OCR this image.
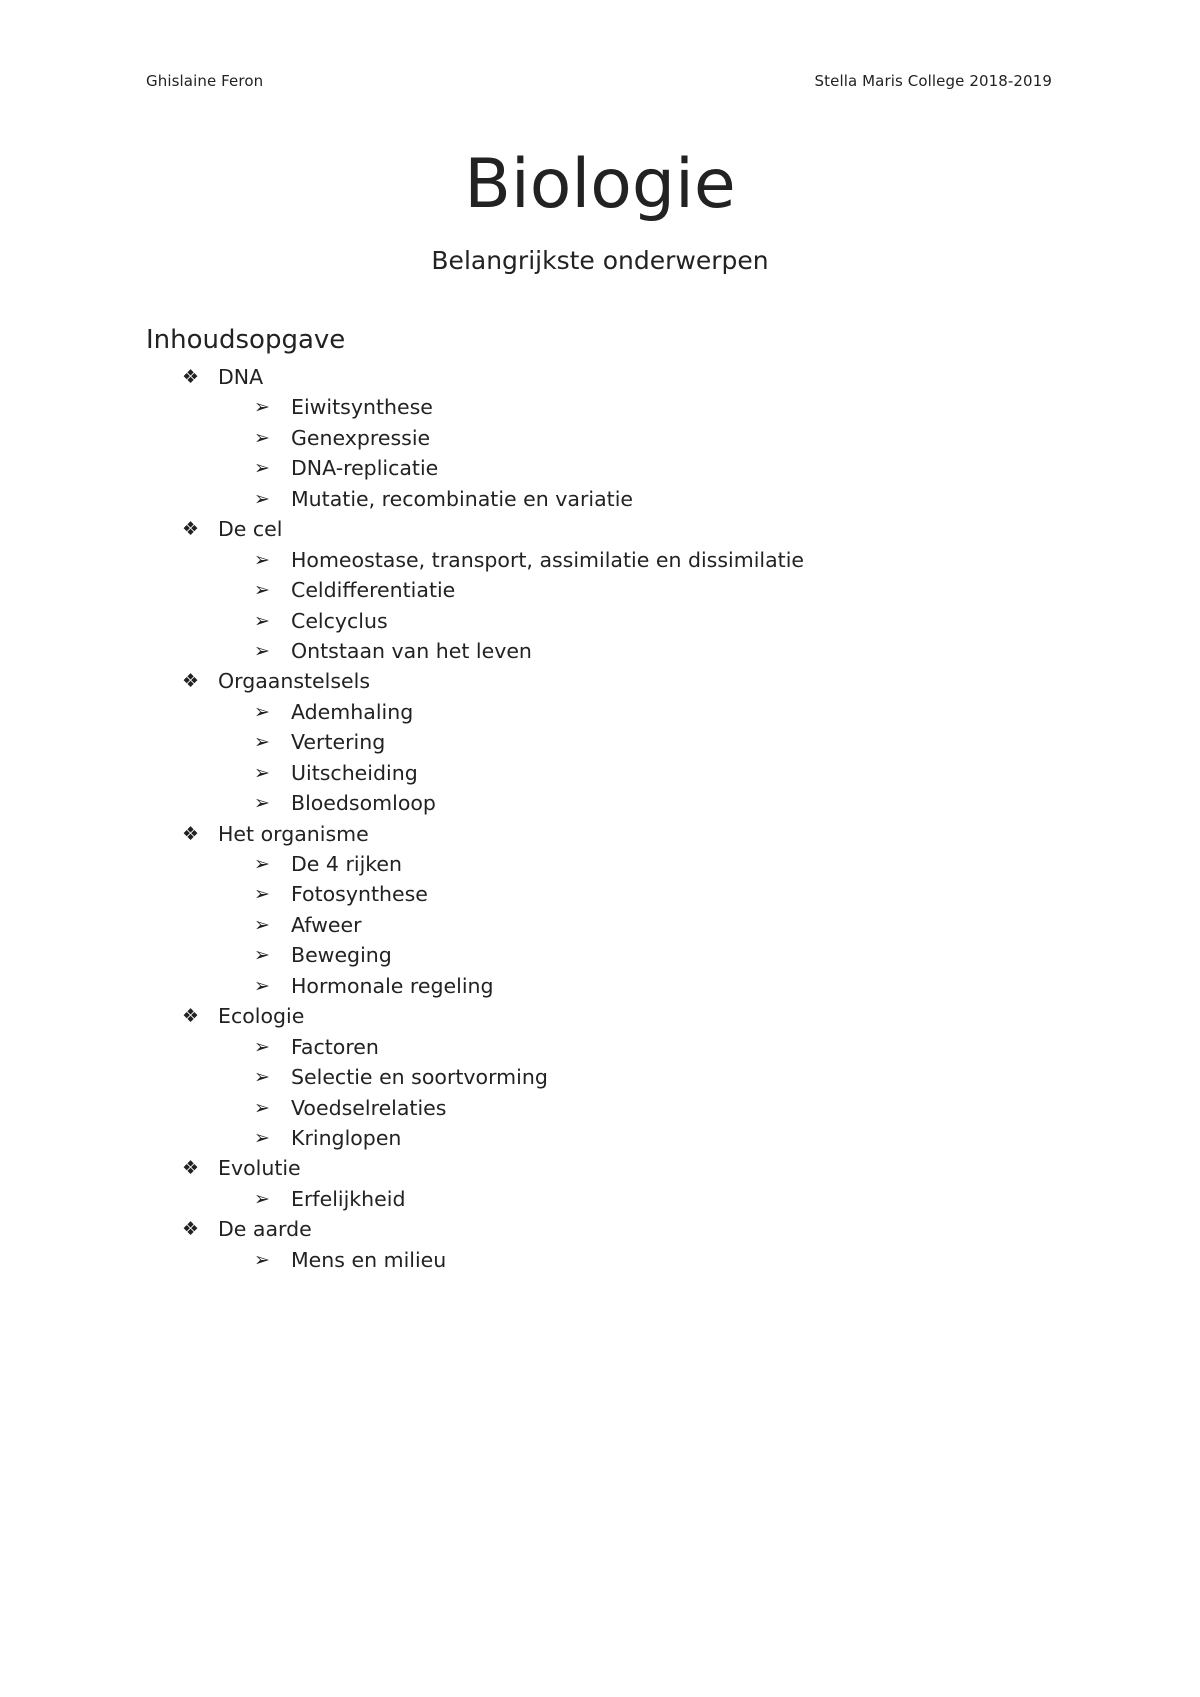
Ghislaine Feron	Stella Maris College 2018-2019
Biologie
Belangrijkste onderwerpen
Inhoudsopgave
❖ DNA
➢ Eiwitsynthese
➢ Genexpressie
➢ DNA-replicatie
➢ Mutatie, recombinatie en variatie
❖ De cel
➢ Homeostase, transport, assimilatie en dissimilatie
➢ Celdifferentiatie
➢ Celcyclus
➢ Ontstaan van het leven
❖ Orgaanstelsels
➢ Ademhaling
➢ Vertering
➢ Uitscheiding
➢ Bloedsomloop
❖ Het organisme
➢ De 4 rijken
➢ Fotosynthese
➢ Afweer
➢ Beweging
➢ Hormonale regeling
❖ Ecologie
➢ Factoren
➢ Selectie en soortvorming
➢ Voedselrelaties
➢ Kringlopen
❖ Evolutie
➢ Erfelijkheid
❖ De aarde
➢ Mens en milieu
